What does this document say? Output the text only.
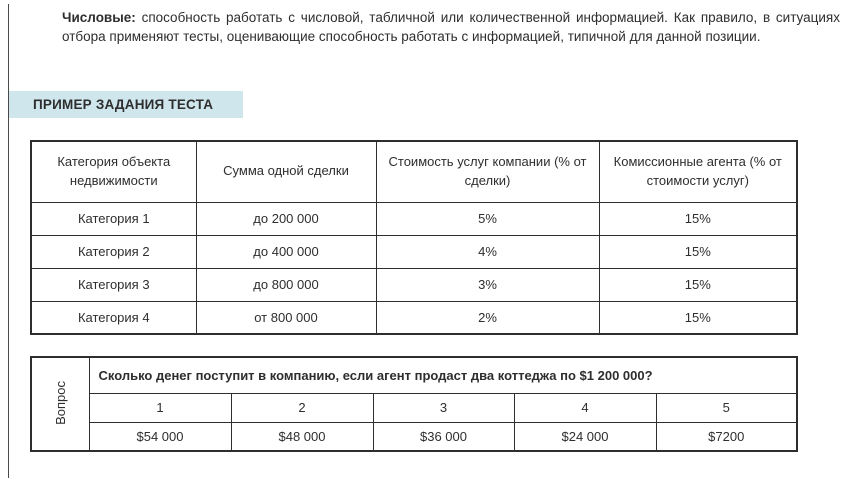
Числовые: способность работать с числовой, табличной или количественной информацией. Как правило, в ситуациях отбора применяют тесты, оценивающие способность работать с информацией, типичной для данной позиции.

ПРИМЕР ЗАДАНИЯ ТЕСТА
Категория объекта недвижимости	Сумма одной сделки	Стоимость услуг компании (% от сделки)	Комиссионные агента (% от стоимости услуг)
Категория 1	до 200 000	5%	15%
Категория 2	до 400 000	4%	15%
Категория 3	до 800 000	3%	15%
Категория 4	от 800 000	2%	15%
Вопрос	Сколько денег поступит в компанию, если агент продаст два коттеджа по $1 200 000?				
	1	2	3	4	5
	$54 000	$48 000	$36 000	$24 000	$7200
